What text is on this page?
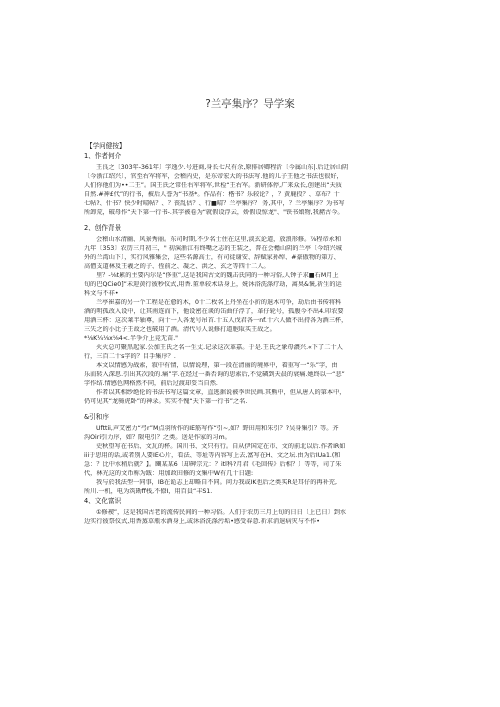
?兰亭集序？导学案
【学问健按】
1、作者何介
王良之〔303年-361年〕字逸少.号进商,身长七尺有余,原排居卿程沂〔今属山东|.后迁居山阴
〔今浙江绍兴〕，官至右军将军，会稽内史，是东帝宏大的书法写.他的儿子王他之书法也很好，
人们你他们为••二王”。国王氏之常任右军将军,世检“王右军。新研体停,广来众长,创建出“天质
自然.#神£代”的行书，被后人誉为“书基*。作品有：楷书？乐较论？，？黄鹿投？、草布？十
七帖?、什书？快少时晴帖？、？丧乱估？、行■晴？兰亭集序？ 务,其中，？兰亭集序？为书写
所卸荒，破母作“天下第一行书-.其字被卷为“就假设浮云，娇假设惊龙"、"铁书娘物,我赭古今。
2、创作背景
会稽山水清幽、风景秀丽。东司时期,不少名士住在这里,淡玄论道，放浪形修。⅞程帝永和
九年〔353〕农历三月初三，" 初演浙江有终嘴之志的王装之，普在会檐山阴的兰亭〔今绍兴城
外的兰湾山下〕，实行风雅集会，这些名源高士，有司徒谢安、辞赋家孙绰、#豪傲物的第万、
高僧支道林及王羲之的子、侄前之、凝之、洪之、玄之等四十二人。
里？-⅛t累的主要内尔是“侈重”,这是我国古文的魏击氏同的一种习俗,人钟子求■石M月上
旬的巴QCie0]”未迎黄行彼秒仪式,用香.董单较术话身上，妩沐浴洗涤疗劫，离臭&褒,祈生的运
科文与不祥•
兰亭崔嘉的另一个工程是在愈的木，0十二枚名上丹坐在小折的退木可争，劫后由书传将科
酒的明孤改入设中，让其南连而下，他设密在谈的缶曲仔浮了，革仔轮号，孤腹今不出4.印农要
用酒三杯：这次莱半轴尊，向十一人各龙号吊首.十五人戊君各一nf.十六人做不出持各为酒三杯，
三失之的小比子王故之也破用了酒。清代号人说修打道胞取买王故之。
*⅛K¼⅛x⅛4<.半争介上竞无苗."
火火总可聚黒起家.公加王氏之名一生丈.记录这次革嘉。于是.王氏之象母濃兴.«下了二十人
行，三百二十s字的？目手集序？.
本文以情感为战索，叙中有情，以情说理，第一段在清丽的境界中，着重写一“乐”字，由
乐而转入深思.引出其次段的.痛”字.在经过一番否询的思索后,不觉磷到天晨的衰痛.她终以一“悲”
字作结.情感色网格然不同，前后过渡却妥当自然.
作者以其相纱绝伦的书法书写这篇文章，直逃据说被李世民画.其熊中，但从唐人的第本中，
仍可见其“龙骑虎卧”的神录。实实不愧“天下第一行书”之名.
&引和序
Ufttii,声艾密力“弓r”M点羽所作的IE筋写作“引~,如？野田用和朱引？?吴身集引？等。齐
沟Oiri引力序，如？限电引？之类。送是作家的习m。
史秋望写在书后、文瓦的杯。国川书、文只有行。自从伊国定在市、文的前北以后.作者IR如
iii于思用的话,或者别人要IE心片，看法、等址等内容写上去,富写在H、文之坛.由为后IUa1.(和
急：？比中水稍后就？】。豳某某6〔却碑宗元：？itl科?月君《毛回传》后相？〕等等，司了朱
代，林光这的文币称为跋：用加政田修的文集中W有几十日题:
我与於我法型一同事，IB在诡志上却略自不同。问力我或IK也后之类买R是耳仔的再补充,
所川.一机，电为筑勘ff栈,不僚I，用百員“丰S1.
4、文化富识
①修禊”，这是我国古老的流传民间的一种习俗。人们于农历三月上旬的日日〔上已日〕到水
边实行彼祭仪式,用香蒸草瓶水酒身上,或沐浴洗涤污垢•感受春意.祈求消退病灾与不作•
